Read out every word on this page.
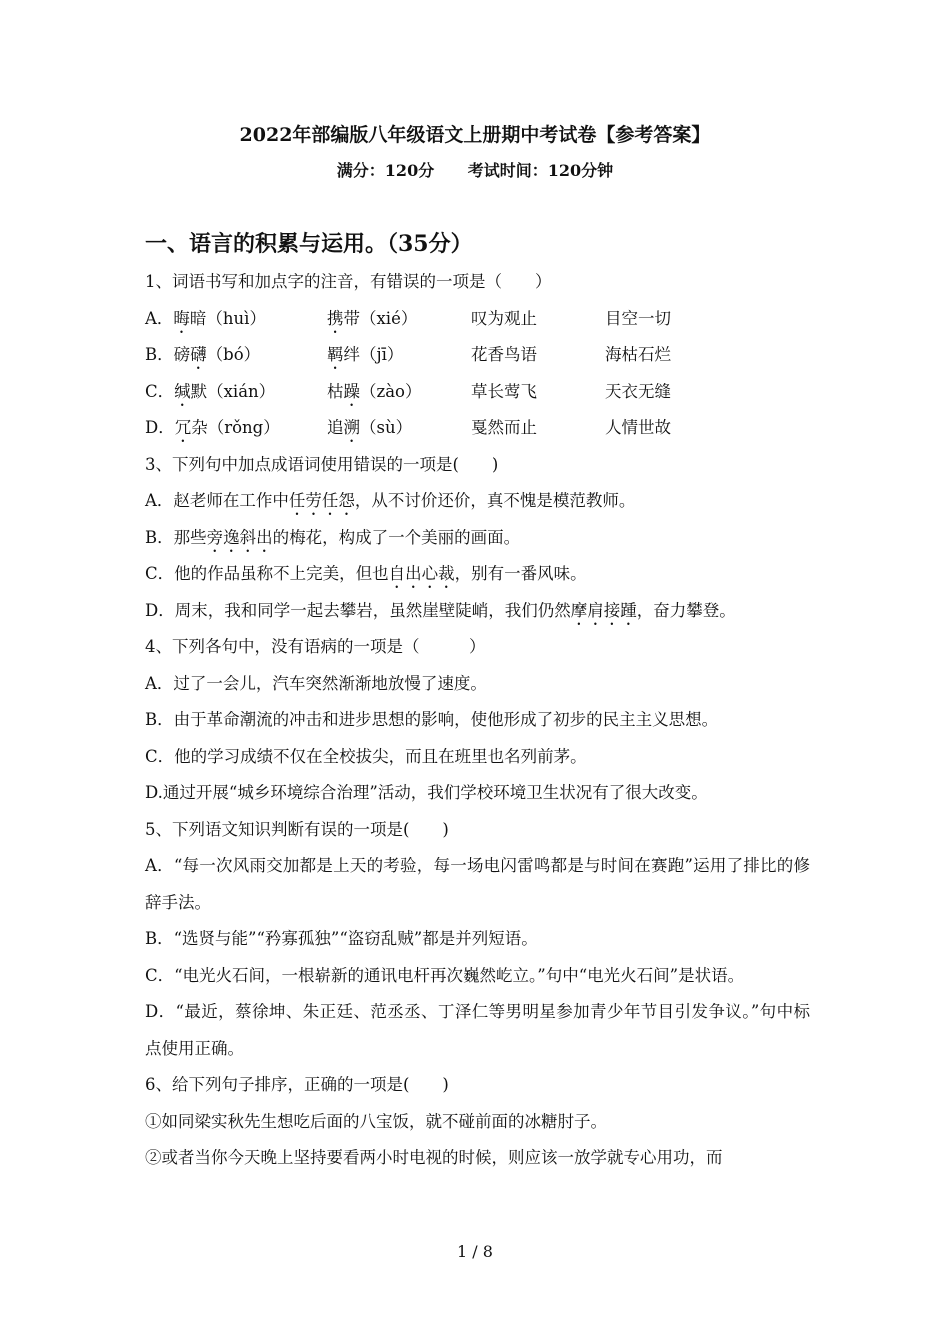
2022年部编版八年级语文上册期中考试卷【参考答案】
满分：120分 考试时间：120分钟
一、语言的积累与运用。（35分）
1、词语书写和加点字的注音，有错误的一项是（　　）
A．晦暗（huì）	携带（xié）	叹为观止	目空一切
B．磅礴（bó）	羁绊（jī）	花香鸟语	海枯石烂
C．缄默（xián）	枯躁（zào）	草长莺飞	天衣无缝
D．冗杂（rǒng）	追溯（sù）	戛然而止	人情世故
3、下列句中加点成语词使用错误的一项是(　　)
A．赵老师在工作中任劳任怨，从不讨价还价，真不愧是模范教师。
B．那些旁逸斜出的梅花，构成了一个美丽的画面。
C．他的作品虽称不上完美，但也自出心裁，别有一番风味。
D．周末，我和同学一起去攀岩，虽然崖壁陡峭，我们仍然摩肩接踵，奋力攀登。
4、下列各句中，没有语病的一项是（　　　）
A．过了一会儿，汽车突然渐渐地放慢了速度。
B．由于革命潮流的冲击和进步思想的影响，使他形成了初步的民主主义思想。
C．他的学习成绩不仅在全校拔尖，而且在班里也名列前茅。
D.通过开展“城乡环境综合治理”活动，我们学校环境卫生状况有了很大改变。
5、下列语文知识判断有误的一项是(　　)
A．“每一次风雨交加都是上天的考验，每一场电闪雷鸣都是与时间在赛跑”运用了排比的修辞手法。
B．“选贤与能”“矜寡孤独”“盗窃乱贼”都是并列短语。
C．“电光火石间，一根崭新的通讯电杆再次巍然屹立。”句中“电光火石间”是状语。
D．“最近，蔡徐坤、朱正廷、范丞丞、丁泽仁等男明星参加青少年节目引发争议。”句中标点使用正确。
6、给下列句子排序，正确的一项是(　　)
①如同梁实秋先生想吃后面的八宝饭，就不碰前面的冰糖肘子。
②或者当你今天晚上坚持要看两小时电视的时候，则应该一放学就专心用功，而
1 / 8
